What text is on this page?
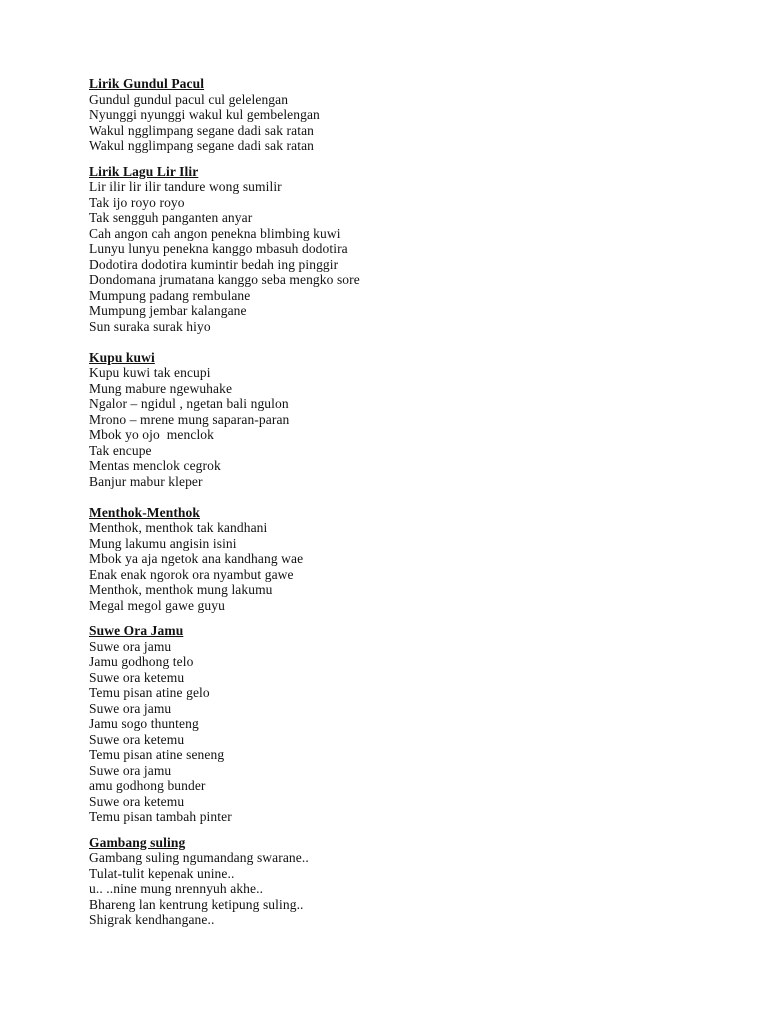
Lirik Gundul Pacul
Gundul gundul pacul cul gelelengan
Nyunggi nyunggi wakul kul gembelengan
Wakul ngglimpang segane dadi sak ratan
Wakul ngglimpang segane dadi sak ratan
Lirik Lagu Lir Ilir
Lir ilir lir ilir tandure wong sumilir
Tak ijo royo royo
Tak sengguh panganten anyar
Cah angon cah angon penekna blimbing kuwi
Lunyu lunyu penekna kanggo mbasuh dodotira
Dodotira dodotira kumintir bedah ing pinggir
Dondomana jrumatana kanggo seba mengko sore
Mumpung padang rembulane
Mumpung jembar kalangane
Sun suraka surak hiyo
Kupu kuwi
Kupu kuwi tak encupi
Mung mabure ngewuhake
Ngalor – ngidul , ngetan bali ngulon
Mrono – mrene mung saparan-paran
Mbok yo ojo  menclok
Tak encupe
Mentas menclok cegrok
Banjur mabur kleper
Menthok-Menthok
Menthok, menthok tak kandhani
Mung lakumu angisin isini
Mbok ya aja ngetok ana kandhang wae
Enak enak ngorok ora nyambut gawe
Menthok, menthok mung lakumu
Megal megol gawe guyu
Suwe Ora Jamu
Suwe ora jamu
Jamu godhong telo
Suwe ora ketemu
Temu pisan atine gelo
Suwe ora jamu
Jamu sogo thunteng
Suwe ora ketemu
Temu pisan atine seneng
Suwe ora jamu
amu godhong bunder
Suwe ora ketemu
Temu pisan tambah pinter
Gambang suling
Gambang suling ngumandang swarane..
Tulat-tulit kepenak unine..
u.. ..nine mung nrennyuh akhe..
Bhareng lan kentrung ketipung suling..
Shigrak kendhangane..
